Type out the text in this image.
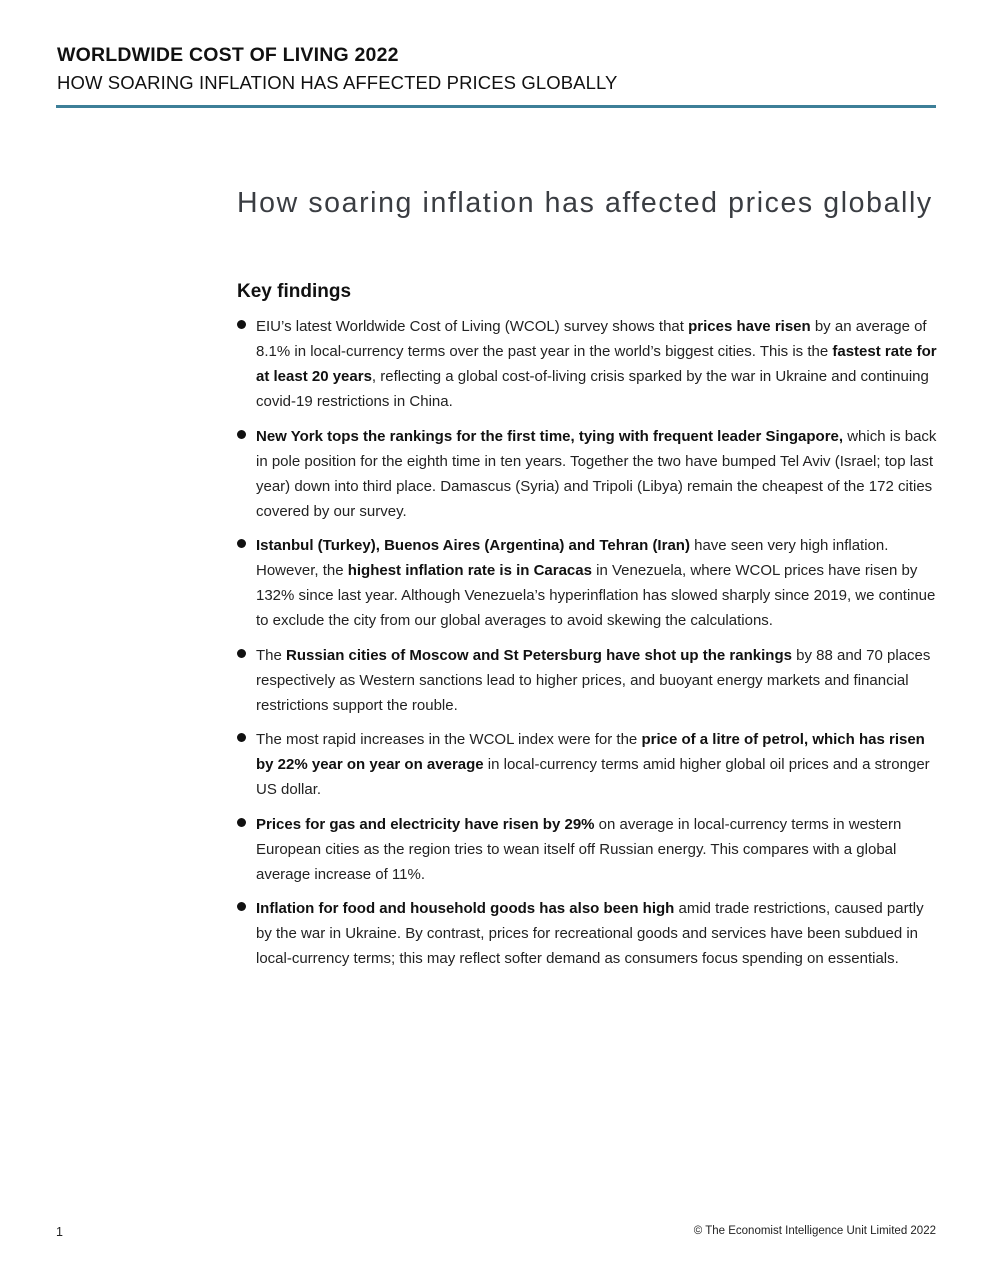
WORLDWIDE COST OF LIVING 2022
HOW SOARING INFLATION HAS AFFECTED PRICES GLOBALLY
How soaring inflation has affected prices globally
Key findings
EIU’s latest Worldwide Cost of Living (WCOL) survey shows that prices have risen by an average of 8.1% in local-currency terms over the past year in the world’s biggest cities. This is the fastest rate for at least 20 years, reflecting a global cost-of-living crisis sparked by the war in Ukraine and continuing covid-19 restrictions in China.
New York tops the rankings for the first time, tying with frequent leader Singapore, which is back in pole position for the eighth time in ten years. Together the two have bumped Tel Aviv (Israel; top last year) down into third place. Damascus (Syria) and Tripoli (Libya) remain the cheapest of the 172 cities covered by our survey.
Istanbul (Turkey), Buenos Aires (Argentina) and Tehran (Iran) have seen very high inflation. However, the highest inflation rate is in Caracas in Venezuela, where WCOL prices have risen by 132% since last year. Although Venezuela’s hyperinflation has slowed sharply since 2019, we continue to exclude the city from our global averages to avoid skewing the calculations.
The Russian cities of Moscow and St Petersburg have shot up the rankings by 88 and 70 places respectively as Western sanctions lead to higher prices, and buoyant energy markets and financial restrictions support the rouble.
The most rapid increases in the WCOL index were for the price of a litre of petrol, which has risen by 22% year on year on average in local-currency terms amid higher global oil prices and a stronger US dollar.
Prices for gas and electricity have risen by 29% on average in local-currency terms in western European cities as the region tries to wean itself off Russian energy. This compares with a global average increase of 11%.
Inflation for food and household goods has also been high amid trade restrictions, caused partly by the war in Ukraine. By contrast, prices for recreational goods and services have been subdued in local-currency terms; this may reflect softer demand as consumers focus spending on essentials.
1	© The Economist Intelligence Unit Limited 2022
